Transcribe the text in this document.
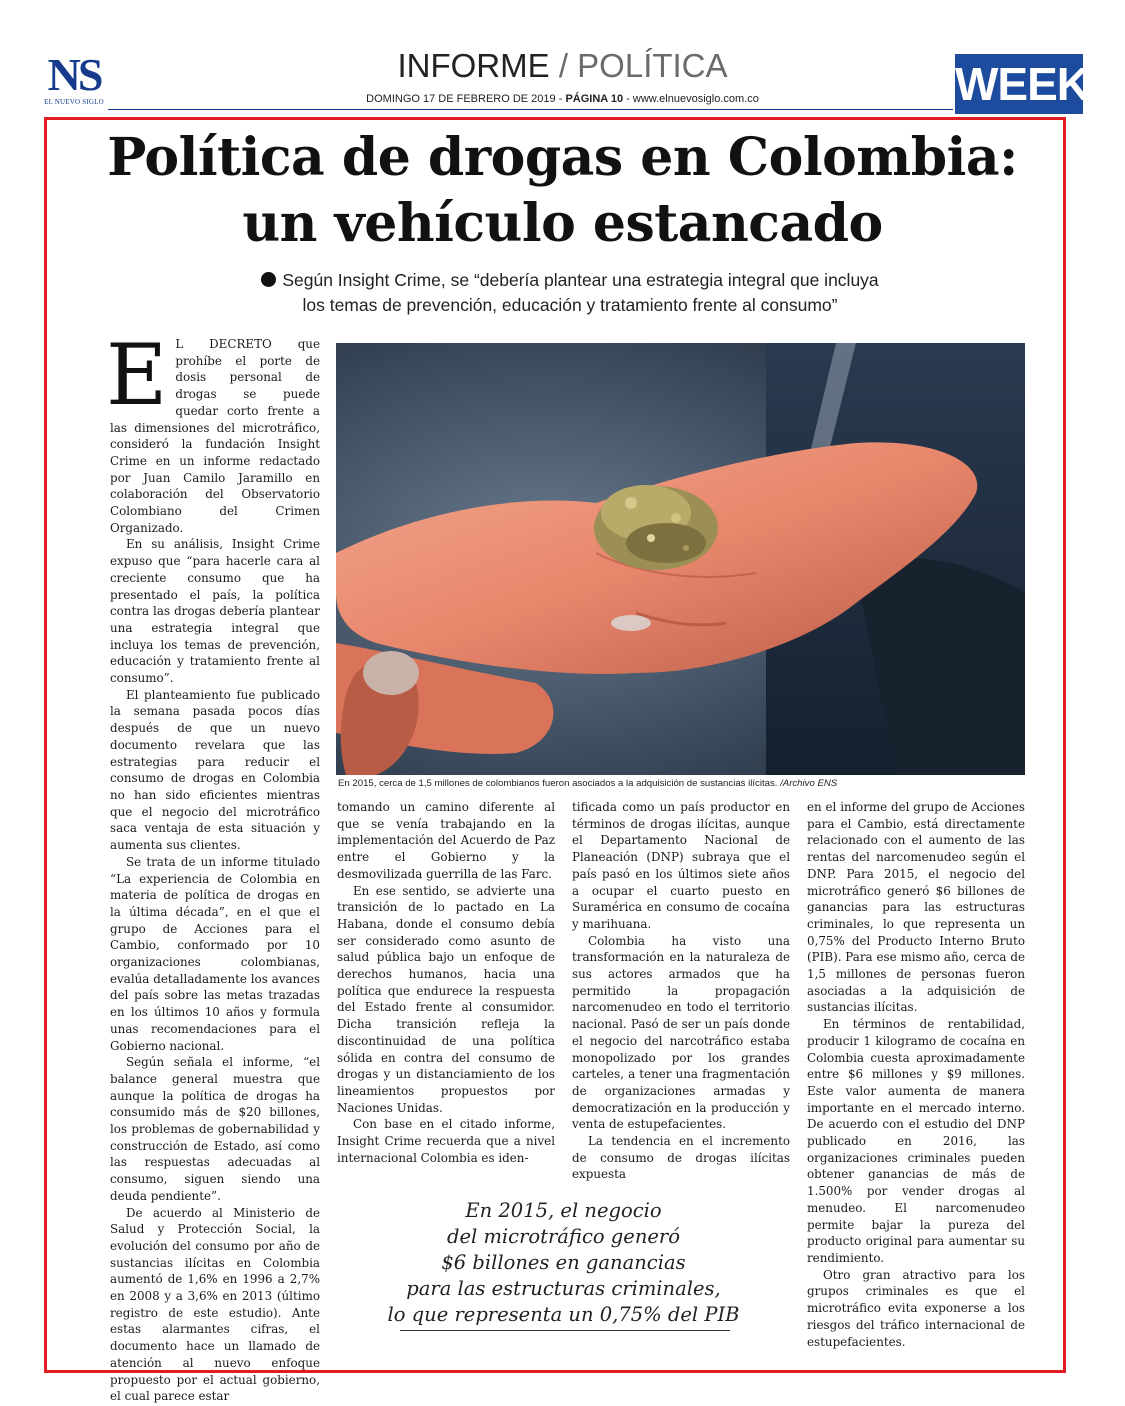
NS
EL NUEVO SIGLO
INFORME / POLÍTICA
DOMINGO 17 DE FEBRERO DE 2019 - PÁGINA 10 - www.elnuevosiglo.com.co	WEEK
Política de drogas en Colombia:
un vehículo estancado
Según Insight Crime, se “debería plantear una estrategia integral que incluya
los temas de prevención, educación y tratamiento frente al consumo”
En 2015, cerca de 1,5 millones de colombianos fueron asociados a la adquisición de sustancias ilícitas. /Archivo ENS
E L DECRETO que prohíbe el porte de dosis personal de drogas se puede quedar corto frente a las dimensiones del microtráfico, consideró la fundación Insight Crime en un informe redactado por Juan Camilo Jaramillo en colaboración del Observatorio Colombiano del Crimen Organizado.

En su análisis, Insight Crime expuso que “para hacerle cara al creciente consumo que ha presentado el país, la política contra las drogas debería plantear una estrategia integral que incluya los temas de prevención, educación y tratamiento frente al consumo”.

El planteamiento fue publicado la semana pasada pocos días después de que un nuevo documento revelara que las estrategias para reducir el consumo de drogas en Colombia no han sido eficientes mientras que el negocio del microtráfico saca ventaja de esta situación y aumenta sus clientes.

Se trata de un informe titulado “La experiencia de Colombia en materia de política de drogas en la última década”, en el que el grupo de Acciones para el Cambio, conformado por 10 organizaciones colombianas, evalúa detalladamente los avances del país sobre las metas trazadas en los últimos 10 años y formula unas recomendaciones para el Gobierno nacional.

Según señala el informe, “el balance general muestra que aunque la política de drogas ha consumido más de $20 billones, los problemas de gobernabilidad y construcción de Estado, así como las respuestas adecuadas al consumo, siguen siendo una deuda pendiente”.

De acuerdo al Ministerio de Salud y Protección Social, la evolución del consumo por año de sustancias ilícitas en Colombia aumentó de 1,6% en 1996 a 2,7% en 2008 y a 3,6% en 2013 (último registro de este estudio). Ante estas alarmantes cifras, el documento hace un llamado de atención al nuevo enfoque propuesto por el actual gobierno, el cual parece estar

tomando un camino diferente al que se venía trabajando en la implementación del Acuerdo de Paz entre el Gobierno y la desmovilizada guerrilla de las Farc.

En ese sentido, se advierte una transición de lo pactado en La Habana, donde el consumo debía ser considerado como asunto de salud pública bajo un enfoque de derechos humanos, hacia una política que endurece la respuesta del Estado frente al consumidor. Dicha transición refleja la discontinuidad de una política sólida en contra del consumo de drogas y un distanciamiento de los lineamientos propuestos por Naciones Unidas.

Con base en el citado informe, Insight Crime recuerda que a nivel internacional Colombia es iden-

tificada como un país productor en términos de drogas ilícitas, aunque el Departamento Nacional de Planeación (DNP) subraya que el país pasó en los últimos siete años a ocupar el cuarto puesto en Suramérica en consumo de cocaína y marihuana.

Colombia ha visto una transformación en la naturaleza de sus actores armados que ha permitido la propagación narcomenudeo en todo el territorio nacional. Pasó de ser un país donde el negocio del narcotráfico estaba monopolizado por los grandes carteles, a tener una fragmentación de organizaciones armadas y democratización en la producción y venta de estupefacientes.

La tendencia en el incremento de consumo de drogas ilícitas expuesta

en el informe del grupo de Acciones para el Cambio, está directamente relacionado con el aumento de las rentas del narcomenudeo según el DNP. Para 2015, el negocio del microtráfico generó $6 billones de ganancias para las estructuras criminales, lo que representa un 0,75% del Producto Interno Bruto (PIB). Para ese mismo año, cerca de 1,5 millones de personas fueron asociadas a la adquisición de sustancias ilícitas.

En términos de rentabilidad, producir 1 kilogramo de cocaína en Colombia cuesta aproximadamente entre $6 millones y $9 millones. Este valor aumenta de manera importante en el mercado interno. De acuerdo con el estudio del DNP publicado en 2016, las organizaciones criminales pueden obtener ganancias de más de 1.500% por vender drogas al menudeo. El narcomenudeo permite bajar la pureza del producto original para aumentar su rendimiento.

Otro gran atractivo para los grupos criminales es que el microtráfico evita exponerse a los riesgos del tráfico internacional de estupefacientes.

En 2015, el negocio
del microtráfico generó
$6 billones en ganancias
para las estructuras criminales,
lo que representa un 0,75% del PIB
